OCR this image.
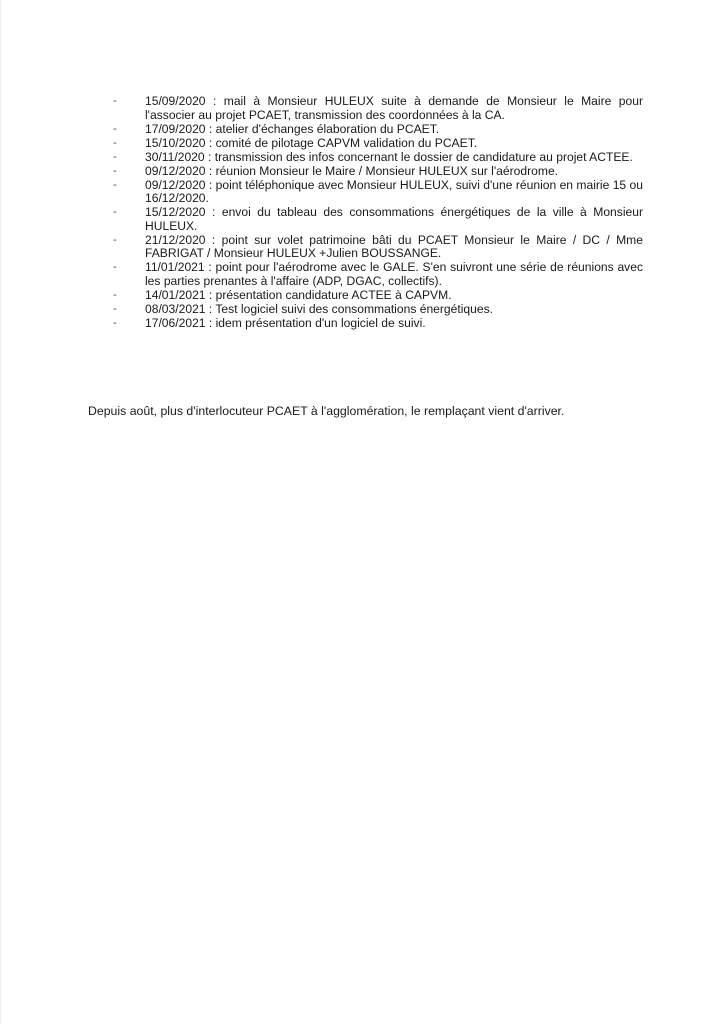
-	15/09/2020 : mail à Monsieur HULEUX suite à demande de Monsieur le Maire pour l'associer au projet PCAET, transmission des coordonnées à la CA.
-	17/09/2020 : atelier d'échanges élaboration du PCAET.
-	15/10/2020 : comité de pilotage CAPVM validation du PCAET.
-	30/11/2020 : transmission des infos concernant le dossier de candidature au projet ACTEE.
-	09/12/2020 : réunion Monsieur le Maire / Monsieur HULEUX sur l'aérodrome.
-	09/12/2020 : point téléphonique avec Monsieur HULEUX, suivi d'une réunion en mairie 15 ou 16/12/2020.
-	15/12/2020 : envoi du tableau des consommations énergétiques de la ville à Monsieur HULEUX.
-	21/12/2020 : point sur volet patrimoine bâti du PCAET Monsieur le Maire / DC / Mme FABRIGAT / Monsieur HULEUX +Julien BOUSSANGE.
-	11/01/2021 : point pour l'aérodrome avec le GALE. S'en suivront une série de réunions avec les parties prenantes à l'affaire (ADP, DGAC, collectifs).
-	14/01/2021 : présentation candidature ACTEE à CAPVM.
-	08/03/2021 : Test logiciel suivi des consommations énergétiques.
-	17/06/2021 : idem présentation d'un logiciel de suivi.

Depuis août, plus d'interlocuteur PCAET à l'agglomération, le remplaçant vient d'arriver.
